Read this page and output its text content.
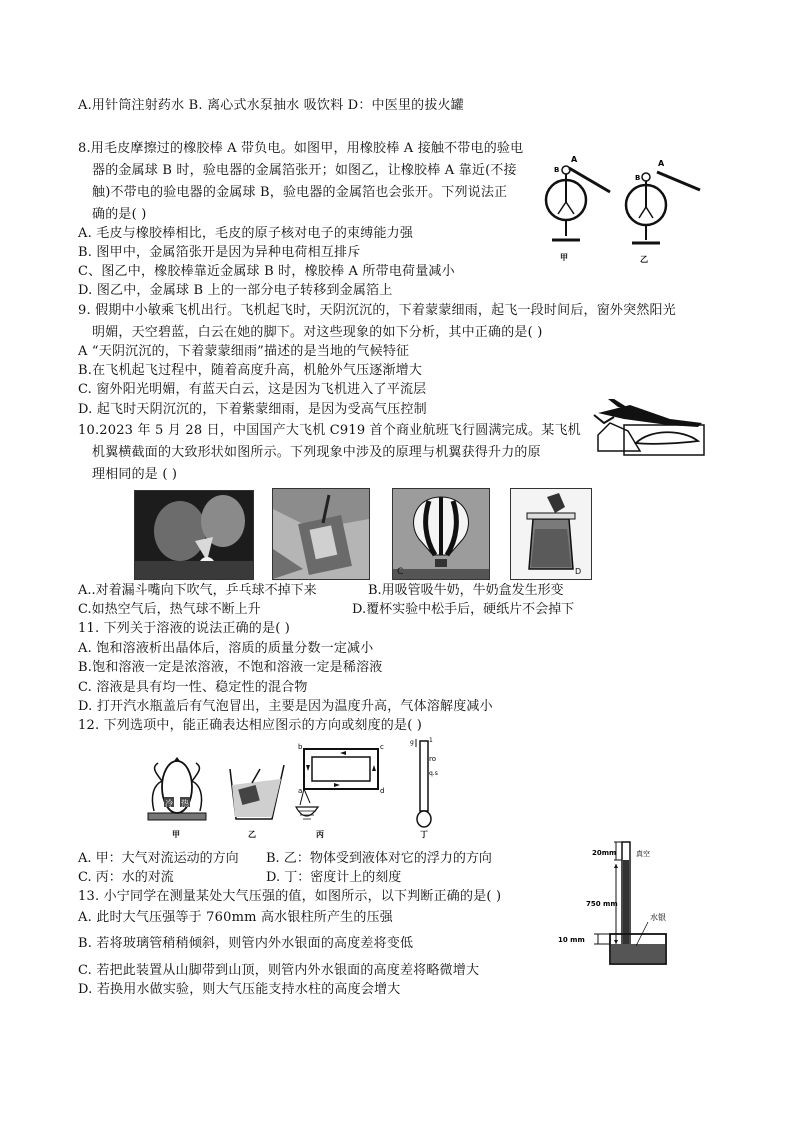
A.用针筒注射药水 B. 离心式水泵抽水 吸饮料 D：中医里的拔火罐
8.用毛皮摩擦过的橡胶棒 A 带负电。如图甲，用橡胶棒 A 接触不带电的验电
器的金属球 B 时，验电器的金属箔张开；如图乙，让橡胶棒 A 靠近(不接
触)不带电的验电器的金属球 B，验电器的金属箔也会张开。下列说法正
确的是( )
A. 毛皮与橡胶棒相比，毛皮的原子核对电子的束缚能力强
B. 图甲中，金属箔张开是因为异种电荷相互排斥
C、图乙中，橡胶棒靠近金属球 B 时，橡胶棒 A 所带电荷量减小
D. 图乙中，金属球 B 上的一部分电子转移到金属箔上
A
B
甲
A
B
乙
9. 假期中小敏乘飞机出行。飞机起飞时，天阴沉沉的，下着蒙蒙细雨，起飞一段时间后，窗外突然阳光
明媚，天空碧蓝，白云在她的脚下。对这些现象的如下分析，其中正确的是( )
A “天阴沉沉的，下着蒙蒙细雨”描述的是当地的气候特征
B.在飞机起飞过程中，随着高度升高，机舱外气压逐渐增大
C. 窗外阳光明媚，有蓝天白云，这是因为飞机进入了平流层
D. 起飞时天阴沉沉的，下着紫蒙细雨，是因为受高气压控制
10.2023 年 5 月 28 日，中国国产大飞机 C919 首个商业航班飞行圆满完成。某飞机
机翼横截面的大致形状如图所示。下列现象中涉及的原理与机翼获得升力的原
理相同的是 ( )
C	D
A..对着漏斗嘴向下吹气，乒乓球不掉下来	B.用吸管吸牛奶，牛奶盒发生形变
C.如热空气后，热气球不断上升	D.覆杯实验中松手后，硬纸片不会掉下
11. 下列关于溶液的说法正确的是( )
A. 饱和溶液析出晶体后，溶质的质量分数一定减小
B.饱和溶液一定是浓溶液，不饱和溶液一定是稀溶液
C. 溶液是具有均一性、稳定性的混合物
D. 打开汽水瓶盖后有气泡冒出，主要是因为温度升高，气体溶解度减小
12. 下列选项中，能正确表达相应图示的方向或刻度的是( )
冷 热
甲	乙
b	c
a	d
丙
g	1
ro
q.s
丁
A. 甲：大气对流运动的方向 B. 乙：物体受到液体对它的浮力的方向
C. 丙：水的对流	D. 丁：密度计上的刻度
13. 小宁同学在测量某处大气压强的值，如图所示，以下判断正确的是( )
A. 此时大气压强等于 760mm 高水银柱所产生的压强
B. 若将玻璃管稍稍倾斜，则管内外水银面的高度差将变低
C. 若把此装置从山脚带到山顶，则管内外水银面的高度差将略微增大
D. 若换用水做实验，则大气压能支持水柱的高度会增大
20mm	真空
750 mm
水银
10 mm
